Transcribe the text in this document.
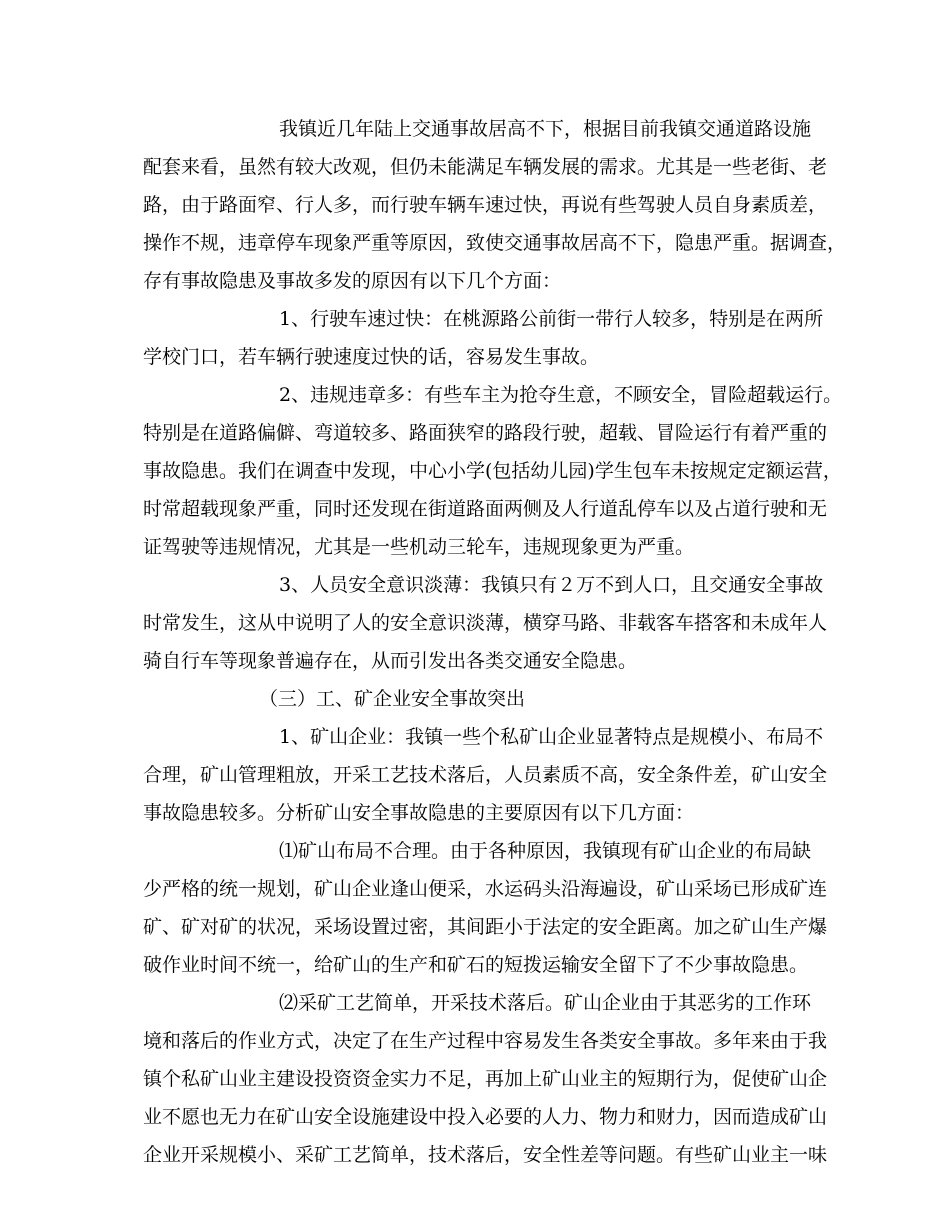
我镇近几年陆上交通事故居高不下，根据目前我镇交通道路设施
配套来看，虽然有较大改观，但仍未能满足车辆发展的需求。尤其是一些老街、老
路，由于路面窄、行人多，而行驶车辆车速过快，再说有些驾驶人员自身素质差，
操作不规，违章停车现象严重等原因，致使交通事故居高不下，隐患严重。据调查，
存有事故隐患及事故多发的原因有以下几个方面：
1、行驶车速过快：在桃源路公前街一带行人较多，特别是在两所
学校门口，若车辆行驶速度过快的话，容易发生事故。
2、违规违章多：有些车主为抢夺生意，不顾安全，冒险超载运行。
特别是在道路偏僻、弯道较多、路面狭窄的路段行驶，超载、冒险运行有着严重的
事故隐患。我们在调查中发现，中心小学(包括幼儿园)学生包车未按规定定额运营，
时常超载现象严重，同时还发现在街道路面两侧及人行道乱停车以及占道行驶和无
证驾驶等违规情况，尤其是一些机动三轮车，违规现象更为严重。
3、人员安全意识淡薄：我镇只有２万不到人口，且交通安全事故
时常发生，这从中说明了人的安全意识淡薄，横穿马路、非载客车搭客和未成年人
骑自行车等现象普遍存在，从而引发出各类交通安全隐患。
（三）工、矿企业安全事故突出
1、矿山企业：我镇一些个私矿山企业显著特点是规模小、布局不
合理，矿山管理粗放，开采工艺技术落后，人员素质不高，安全条件差，矿山安全
事故隐患较多。分析矿山安全事故隐患的主要原因有以下几方面：
⑴矿山布局不合理。由于各种原因，我镇现有矿山企业的布局缺
少严格的统一规划，矿山企业逢山便采，水运码头沿海遍设，矿山采场已形成矿连
矿、矿对矿的状况，采场设置过密，其间距小于法定的安全距离。加之矿山生产爆
破作业时间不统一，给矿山的生产和矿石的短拨运输安全留下了不少事故隐患。
⑵采矿工艺简单，开采技术落后。矿山企业由于其恶劣的工作环
境和落后的作业方式，决定了在生产过程中容易发生各类安全事故。多年来由于我
镇个私矿山业主建设投资资金实力不足，再加上矿山业主的短期行为，促使矿山企
业不愿也无力在矿山安全设施建设中投入必要的人力、物力和财力，因而造成矿山
企业开采规模小、采矿工艺简单，技术落后，安全性差等问题。有些矿山业主一味
